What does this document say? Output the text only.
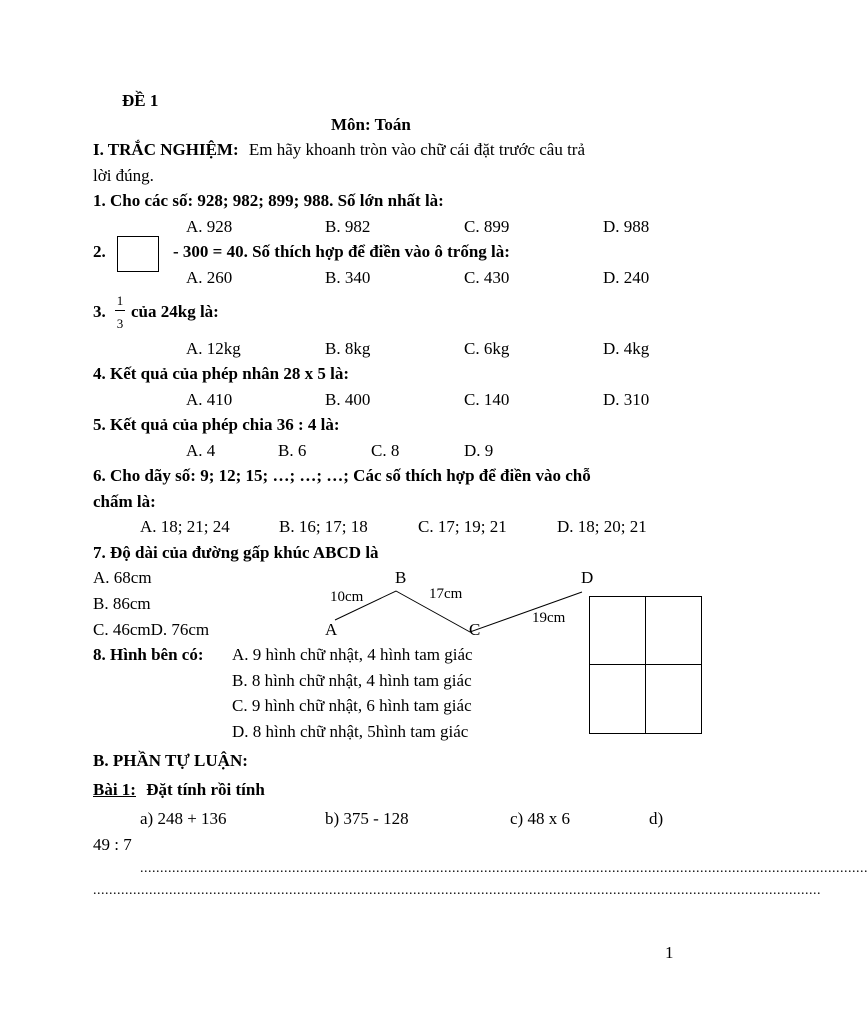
ĐỀ 1
Môn: Toán
I. TRẮC NGHIỆM: Em hãy khoanh tròn vào chữ cái đặt trước câu trả
lời đúng.
1. Cho các số: 928; 982; 899; 988. Số lớn nhất là:
A. 928	B. 982	C. 899	D. 988
2.	- 300 = 40. Số thích hợp để điền vào ô trống là:
A. 260	B. 340	C. 430	D. 240
3.
1
3
của 24kg là:
A. 12kg	B. 8kg	C. 6kg	D. 4kg
4. Kết quả của phép nhân 28 x 5 là:
A. 410	B. 400	C. 140	D. 310
5. Kết quả của phép chia 36 : 4 là:
A. 4	B. 6	C. 8	D. 9
6. Cho dãy số: 9; 12; 15; …; …; …; Các số thích hợp để điền vào chỗ
chấm là:
A. 18; 21; 24	B. 16; 17; 18	C. 17; 19; 21	D. 18; 20; 21
7. Độ dài của đường gấp khúc ABCD là
A. 68cm
B. 86cm
C. 46cmD. 76cm
B	D
A	C
10cm	17cm
19cm
8. Hình bên có: A. 9 hình chữ nhật, 4 hình tam giác
B. 8 hình chữ nhật, 4 hình tam giác
C. 9 hình chữ nhật, 6 hình tam giác
D. 8 hình chữ nhật, 5hình tam giác
B. PHẦN TỰ LUẬN:
Bài 1: Đặt tính rồi tính
a) 248 + 136	b) 375 - 128	c) 48 x 6	d)
49 : 7
......................................................................................................................................................................................
......................................................................................................................................................................................
1
